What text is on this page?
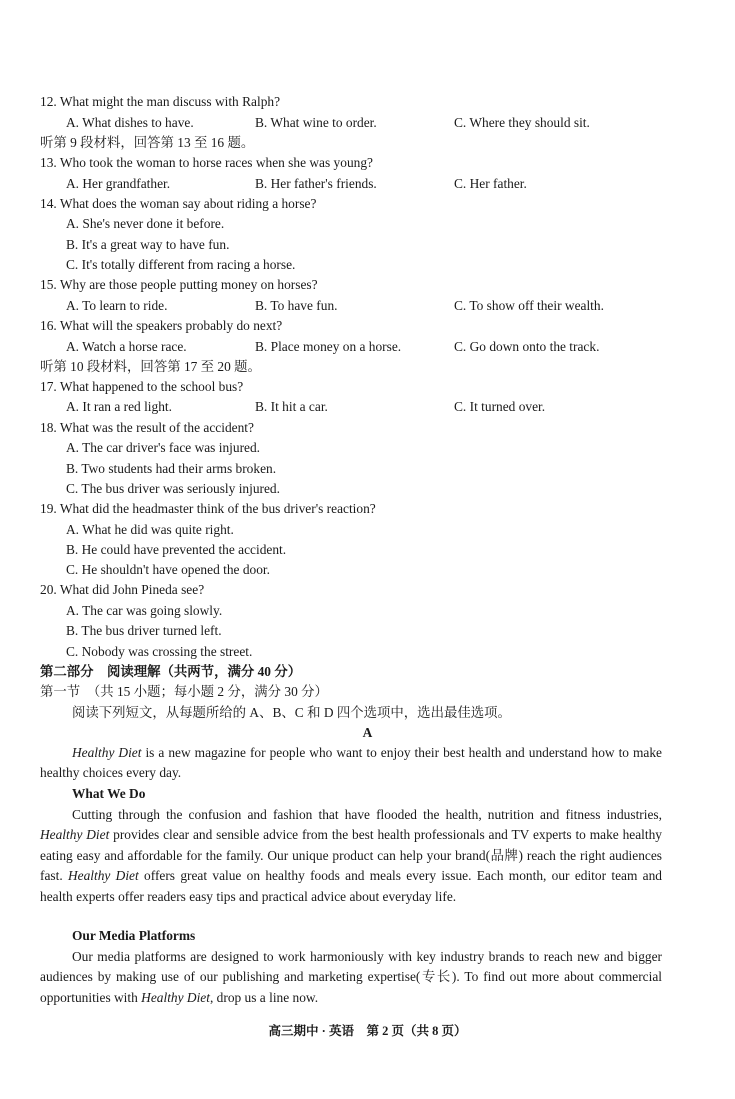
12. What might the man discuss with Ralph?
A. What dishes to have.	B. What wine to order.	C. Where they should sit.
听第 9 段材料，回答第 13 至 16 题。
13. Who took the woman to horse races when she was young?
A. Her grandfather.	B. Her father's friends.	C. Her father.
14. What does the woman say about riding a horse?
A. She's never done it before.
B. It's a great way to have fun.
C. It's totally different from racing a horse.
15. Why are those people putting money on horses?
A. To learn to ride.	B. To have fun.	C. To show off their wealth.
16. What will the speakers probably do next?
A. Watch a horse race.	B. Place money on a horse.	C. Go down onto the track.
听第 10 段材料，回答第 17 至 20 题。
17. What happened to the school bus?
A. It ran a red light.	B. It hit a car.	C. It turned over.
18. What was the result of the accident?
A. The car driver's face was injured.
B. Two students had their arms broken.
C. The bus driver was seriously injured.
19. What did the headmaster think of the bus driver's reaction?
A. What he did was quite right.
B. He could have prevented the accident.
C. He shouldn't have opened the door.
20. What did John Pineda see?
A. The car was going slowly.
B. The bus driver turned left.
C. Nobody was crossing the street.
第二部分　阅读理解（共两节，满分 40 分）
第一节　（共 15 小题；每小题 2 分，满分 30 分）
阅读下列短文，从每题所给的 A、B、C 和 D 四个选项中，选出最佳选项。
A
Healthy Diet is a new magazine for people who want to enjoy their best health and understand how to make healthy choices every day.
What We Do
Cutting through the confusion and fashion that have flooded the health, nutrition and fitness industries, Healthy Diet provides clear and sensible advice from the best health professionals and TV experts to make healthy eating easy and affordable for the family. Our unique product can help your brand(品牌) reach the right audiences fast. Healthy Diet offers great value on healthy foods and meals every issue. Each month, our editor team and health experts offer readers easy tips and practical advice about everyday life.
Our Media Platforms
Our media platforms are designed to work harmoniously with key industry brands to reach new and bigger audiences by making use of our publishing and marketing expertise(专长). To find out more about commercial opportunities with Healthy Diet, drop us a line now.
高三期中 · 英语　第 2 页（共 8 页）
